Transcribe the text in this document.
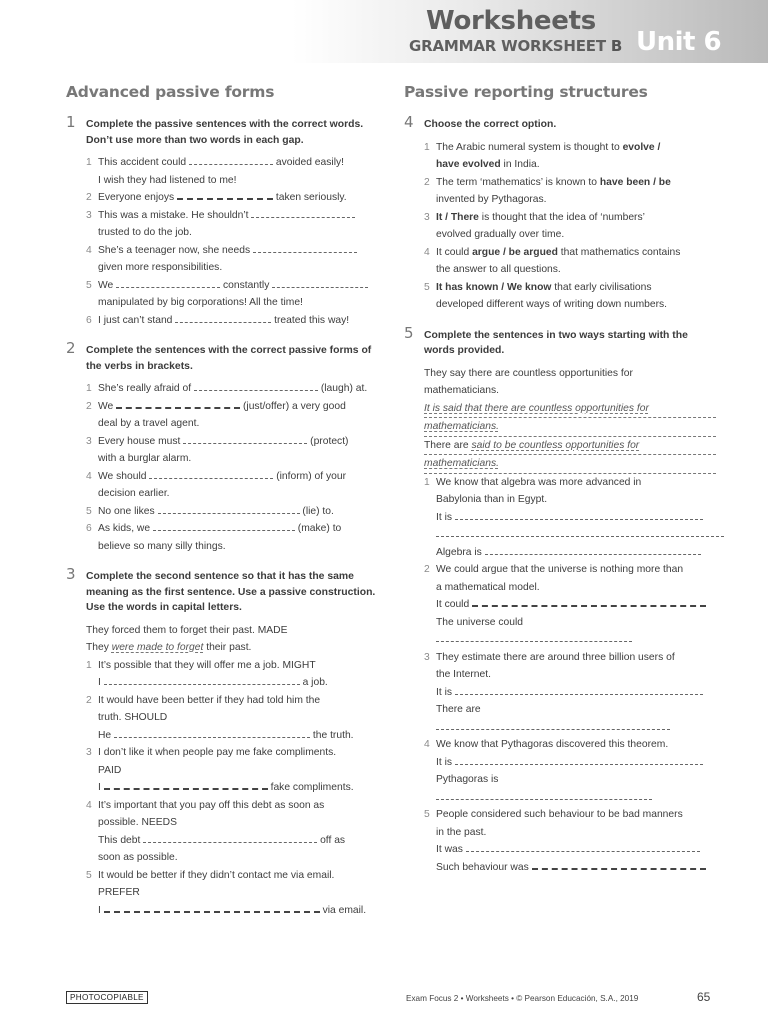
Worksheets
GRAMMAR WORKSHEET B Unit 6
Advanced passive forms
1 Complete the passive sentences with the correct words. Don’t use more than two words in each gap.
1 This accident could	avoided easily!
I wish they had listened to me!
2 Everyone enjoys	taken seriously.
3 This was a mistake. He shouldn’t
trusted to do the job.
4 She’s a teenager now, she needs
given more responsibilities.
5 We	constantly
manipulated by big corporations! All the time!
6 I just can’t stand	treated this way!
2 Complete the sentences with the correct passive forms of the verbs in brackets.
1 She’s really afraid of	(laugh) at.
2 We	(just/offer) a very good
deal by a travel agent.
3 Every house must	(protect)
with a burglar alarm.
4 We should	(inform) of your
decision earlier.
5 No one likes	(lie) to.
6 As kids, we	(make) to
believe so many silly things.
3 Complete the second sentence so that it has the same meaning as the first sentence. Use a passive construction. Use the words in capital letters.
They forced them to forget their past. MADE
They were made to forget their past.
1 It’s possible that they will offer me a job. MIGHT
I	a job.
2 It would have been better if they had told him the
truth. SHOULD
He	the truth.
3 I don’t like it when people pay me fake compliments.
PAID
I	fake compliments.
4 It’s important that you pay off this debt as soon as
possible. NEEDS
This debt	off as
soon as possible.
5 It would be better if they didn’t contact me via email.
PREFER
I	via email.
Passive reporting structures
4 Choose the correct option.
1 The Arabic numeral system is thought to evolve /
have evolved in India.
2 The term ‘mathematics’ is known to have been / be
invented by Pythagoras.
3 It / There is thought that the idea of ‘numbers’
evolved gradually over time.
4 It could argue / be argued that mathematics contains
the answer to all questions.
5 It has known / We know that early civilisations
developed different ways of writing down numbers.
5 Complete the sentences in two ways starting with the words provided.
They say there are countless opportunities for
mathematicians.
It is said that there are countless opportunities for
mathematicians.
There are said to be countless opportunities for
mathematicians.
1 We know that algebra was more advanced in
Babylonia than in Egypt.
It is

Algebra is
2 We could argue that the universe is nothing more than
a mathematical model.
It could
The universe could
3 They estimate there are around three billion users of
the Internet.
It is
There are
4 We know that Pythagoras discovered this theorem.
It is
Pythagoras is
5 People considered such behaviour to be bad manners
in the past.
It was
Such behaviour was
PHOTOCOPIABLE	Exam Focus 2 • Worksheets • © Pearson Educación, S.A., 2019	65
